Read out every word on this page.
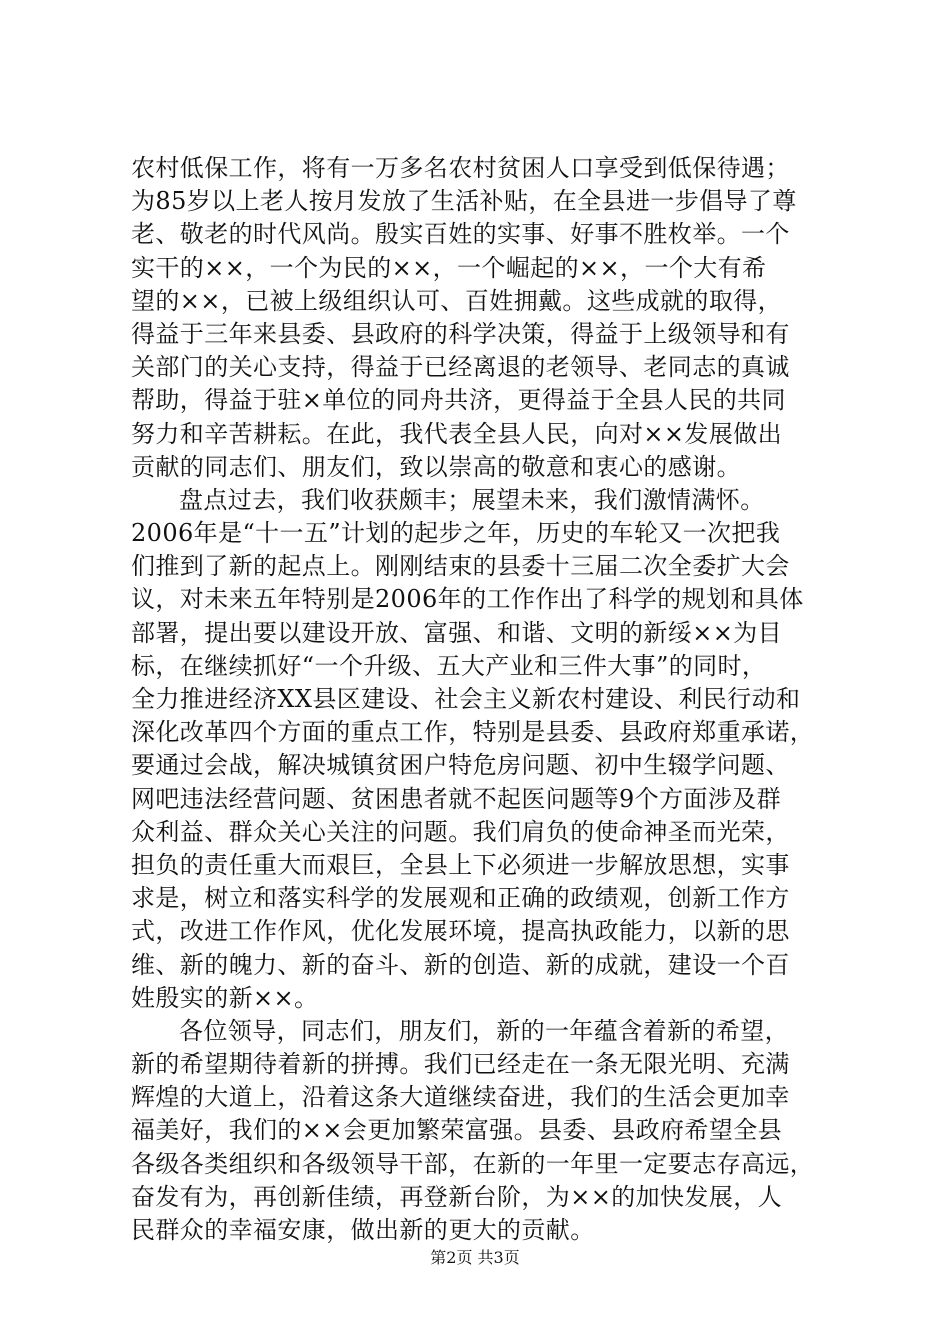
农村低保工作，将有一万多名农村贫困人口享受到低保待遇；
为85岁以上老人按月发放了生活补贴，在全县进一步倡导了尊
老、敬老的时代风尚。殷实百姓的实事、好事不胜枚举。一个
实干的××，一个为民的××，一个崛起的××，一个大有希
望的××，已被上级组织认可、百姓拥戴。这些成就的取得，
得益于三年来县委、县政府的科学决策，得益于上级领导和有
关部门的关心支持，得益于已经离退的老领导、老同志的真诚
帮助，得益于驻×单位的同舟共济，更得益于全县人民的共同
努力和辛苦耕耘。在此，我代表全县人民，向对××发展做出
贡献的同志们、朋友们，致以崇高的敬意和衷心的感谢。
盘点过去，我们收获颇丰；展望未来，我们激情满怀。
2006年是“十一五”计划的起步之年，历史的车轮又一次把我
们推到了新的起点上。刚刚结束的县委十三届二次全委扩大会
议，对未来五年特别是2006年的工作作出了科学的规划和具体
部署，提出要以建设开放、富强、和谐、文明的新绥××为目
标，在继续抓好“一个升级、五大产业和三件大事”的同时，
全力推进经济XX县区建设、社会主义新农村建设、利民行动和
深化改革四个方面的重点工作，特别是县委、县政府郑重承诺，
要通过会战，解决城镇贫困户特危房问题、初中生辍学问题、
网吧违法经营问题、贫困患者就不起医问题等9个方面涉及群
众利益、群众关心关注的问题。我们肩负的使命神圣而光荣，
担负的责任重大而艰巨，全县上下必须进一步解放思想，实事
求是，树立和落实科学的发展观和正确的政绩观，创新工作方
式，改进工作作风，优化发展环境，提高执政能力，以新的思
维、新的魄力、新的奋斗、新的创造、新的成就，建设一个百
姓殷实的新××。
各位领导，同志们，朋友们，新的一年蕴含着新的希望，
新的希望期待着新的拼搏。我们已经走在一条无限光明、充满
辉煌的大道上，沿着这条大道继续奋进，我们的生活会更加幸
福美好，我们的××会更加繁荣富强。县委、县政府希望全县
各级各类组织和各级领导干部，在新的一年里一定要志存高远，
奋发有为，再创新佳绩，再登新台阶，为××的加快发展，人
民群众的幸福安康，做出新的更大的贡献。
第2页 共3页
